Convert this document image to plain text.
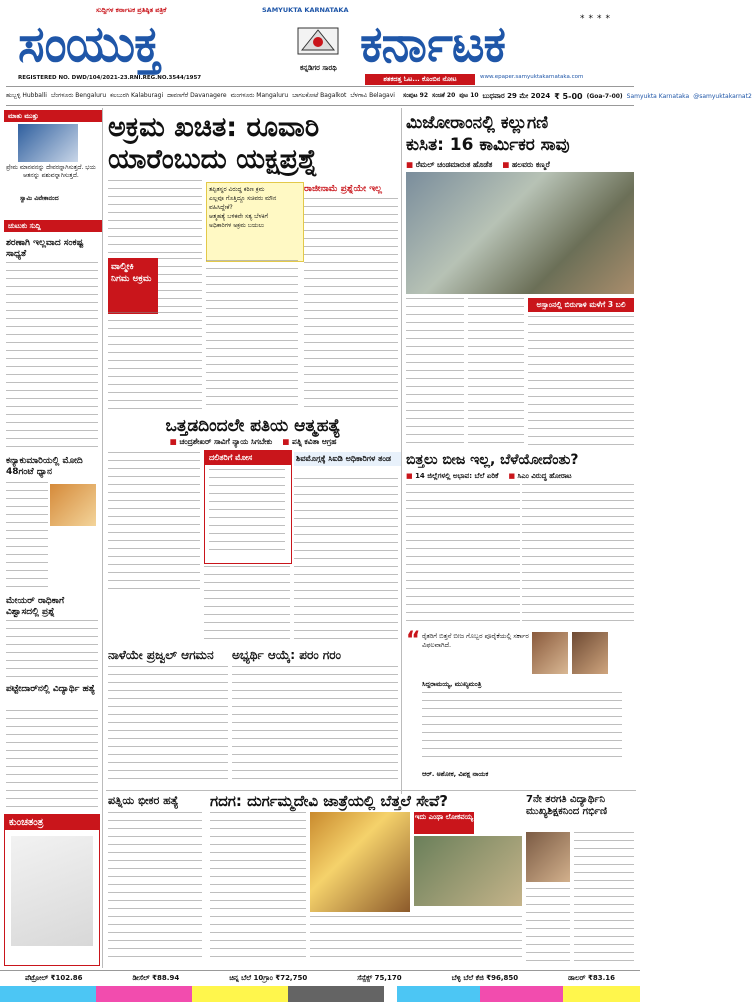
ಸುದ್ದಿಗಳ ಕರ್ನಾಟಕ ಪ್ರತಿಷ್ಠಿತ ಪತ್ರಿಕೆ	SAMYUKTA KARNATAKA
****
ಸಂಯುಕ್ತ	ಕನ್ನಡಿಗರ ಸಾರಥಿ ಕರ್ನಾಟಕ
REGISTERED NO. DWD/104/2021-23.RNI.REG.NO.3544/1957	ಶತಕದತ್ತ ಓಟ... ಕೊಂಬಿನ ನೋಟ	www.epaper.samyuktakarnataka.com
ಹುಬ್ಬಳ್ಳಿ Hubballi ಬೆಂಗಳೂರು Bengaluru ಕಲಬುರಗಿ Kalaburagi ದಾವಣಗೆರೆ Davanagere ಮಂಗಳೂರು Mangaluru ಬಾಗಲಕೋಟೆ Bagalkot ಬೆಳಗಾವಿ Belagavi ಸಂಪುಟ 92 ಸಂಚಿಕೆ 20 ಪುಟ 10 ಬುಧವಾರ 29 ಮೇ 2024 ₹ 5-00 (Goa-7-00) Samyukta Karnataka @samyuktakarnat2
ಮಾತು ಮುತ್ತು
ಪ್ರೇಮ ಮಾನವನನ್ನು ದೇವರನ್ನಾಗಿಸುತ್ತದೆ. ಭಯ ಆತನನ್ನು ಪಶುವನ್ನಾಗಿಸುತ್ತದೆ.
ಸ್ವಾಮಿ ವಿವೇಕಾನಂದ
ಚುಟುಕು ಸುದ್ದಿ
ಶರಣಾಗಿ ಇಲ್ಲವಾದ ಸಂಕಷ್ಟ ಸಾಧ್ಯತೆ
ಕನ್ಯಾಕುಮಾರಿಯಲ್ಲಿ ಮೋದಿ 48ಗಂಟೆ ಧ್ಯಾನ
ಮೇಯರ್ ರಾಧಿಕಾಗೆ ವಿಶ್ವಾಸದಲ್ಲಿ ಪ್ರಶ್ನೆ
ಪಟ್ಟೇದಾರ್‌ನಲ್ಲಿ ವಿದ್ಯಾರ್ಥಿ ಹತ್ಯೆ
ಕುಂಚತಂತ್ರ
ಅಕ್ರಮ ಖಚಿತ: ರೂವಾರಿ
ಯಾರೆಂಬುದು ಯಕ್ಷಪ್ರಶ್ನೆ
ವಾಲ್ಮೀಕಿ ನಿಗಮ ಅಕ್ರಮ
ತಪ್ಪಿತಸ್ಥರ ವಿರುದ್ಧ ಕಠಿಣ ಕ್ರಮ
ಎಲ್ಲವೂ ಗೊತ್ತಿದ್ದೂ ಸಚಿವರು ಮೌನ ವಹಿಸಿದ್ದೇಕೆ?
ಆತ್ಮಹತ್ಯೆ ಬಳಿಕವೇ ಸತ್ಯ ಬೆಳಕಿಗೆ
ಅಧಿಕಾರಿಗಳ ಅಕ್ರಮ ಬಯಲು
ರಾಜೀನಾಮೆ ಪ್ರಶ್ನೆಯೇ ಇಲ್ಲ
ಒತ್ತಡದಿಂದಲೇ ಪತಿಯ ಆತ್ಮಹತ್ಯೆ
■ ಚಂದ್ರಶೇಖರ್ ಸಾವಿಗೆ ನ್ಯಾಯ ಸಿಗಬೇಕು ■ ಪತ್ನಿ ಕವಿತಾ ಆಗ್ರಹ
ದಲಿತರಿಗೆ ಮೋಸ	ಶಿವಮೊಗ್ಗಕ್ಕೆ ಸಿಐಡಿ ಅಧಿಕಾರಿಗಳ ತಂಡ
ನಾಳೆಯೇ ಪ್ರಜ್ವಲ್ ಆಗಮನ	ಅಭ್ಯರ್ಥಿ ಆಯ್ಕೆ: ಪರಂ ಗರಂ
ಮಿಜೋರಾಂನಲ್ಲಿ ಕಲ್ಲುಗಣಿ
ಕುಸಿತ: 16 ಕಾರ್ಮಿಕರ ಸಾವು
■ ರೆಮಲ್ ಚಂಡಮಾರುತ ಹೊಡೆತ ■ ಹಲವರು ಕಣ್ಮರೆ
ಅಸ್ಸಾಂನಲ್ಲಿ ಬಿರುಗಾಳಿ ಮಳೆಗೆ 3 ಬಲಿ
ಬಿತ್ತಲು ಬೀಜ ಇಲ್ಲ, ಬೆಳೆಯೋದೆಂತು?
■ 14 ಜಿಲ್ಲೆಗಳಲ್ಲಿ ಅಭಾವ: ಬೆಲೆ ಏರಿಕೆ ■ ಸಿಎಂ ವಿರುದ್ಧ ಹೋರಾಟ
“ ರೈತರಿಗೆ ಬಿತ್ತನೆ ಬೀಜ ಗೊಬ್ಬರ ಪೂರೈಕೆಯಲ್ಲಿ ಸರ್ಕಾರ ವಿಫಲವಾಗಿದೆ.
ಸಿದ್ದರಾಮಯ್ಯ, ಮುಖ್ಯಮಂತ್ರಿ
ಆರ್. ಅಶೋಕ, ವಿಪಕ್ಷ ನಾಯಕ
ಪತ್ನಿಯ ಭೀಕರ ಹತ್ಯೆ	ಗದಗ: ದುರ್ಗಮ್ಮದೇವಿ ಜಾತ್ರೆಯಲ್ಲಿ ಬೆತ್ತಲೆ ಸೇವೆ?
ಇದು ಎಂಥಾ ಲೋಕವಯ್ಯ
7ನೇ ತರಗತಿ ವಿದ್ಯಾರ್ಥಿನಿ ಮುಖ್ಯಶಿಕ್ಷಕನಿಂದ ಗರ್ಭಿಣಿ
ಪೆಟ್ರೋಲ್ ₹102.86	ಡೀಸೆಲ್ ₹88.94	ಚಿನ್ನ ಬೆಲೆ 10ಗ್ರಾಂ ₹72,750	ಸೆನ್ಸೆಕ್ಸ್ 75,170	ಬೆಳ್ಳಿ ಬೆಲೆ ಕೆಜಿ ₹96,850	ಡಾಲರ್ ₹83.16
